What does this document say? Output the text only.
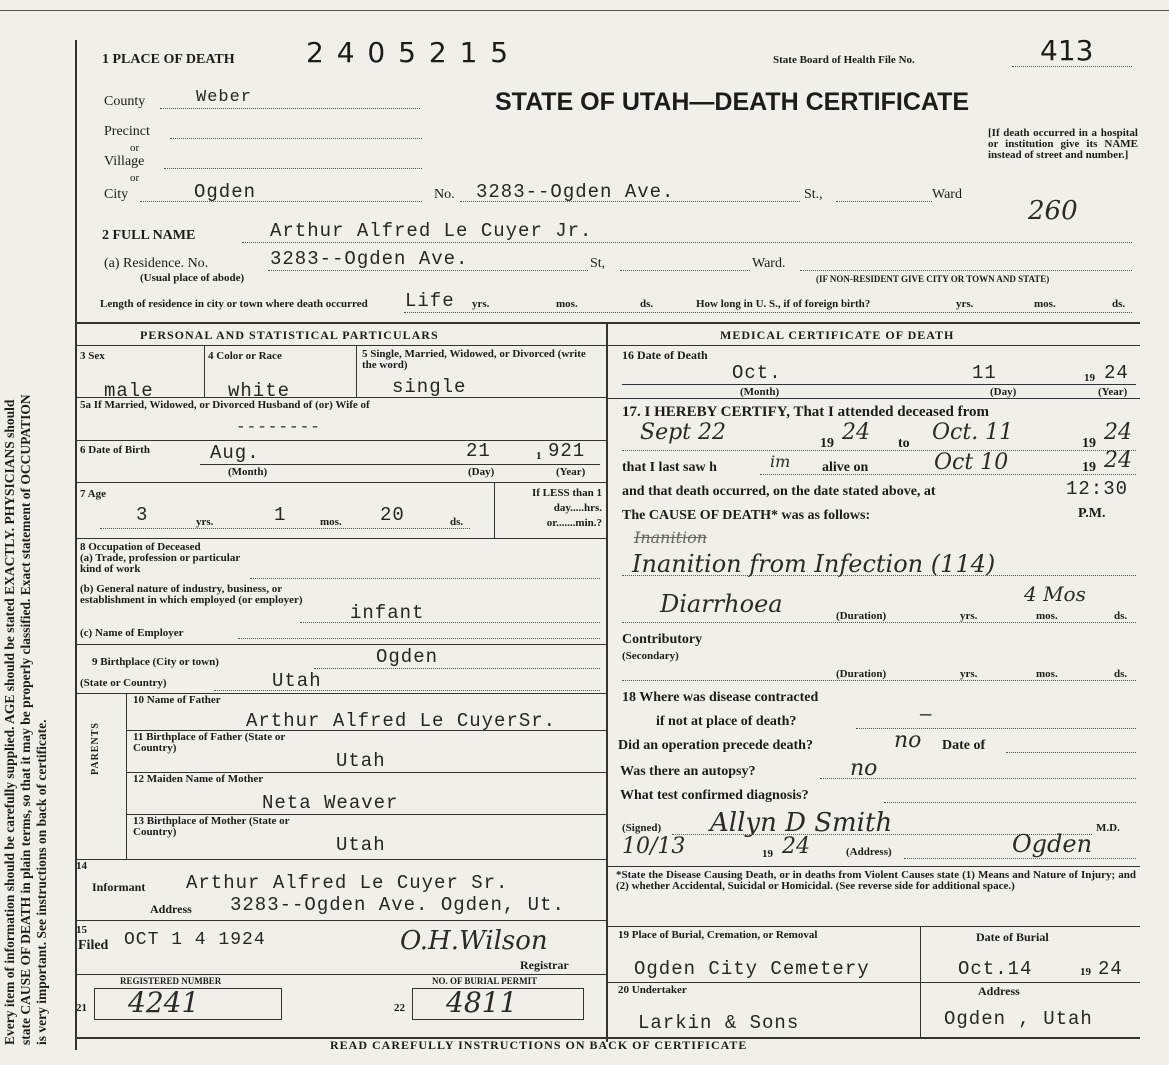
Every item of information should be carefully supplied. AGE should be stated EXACTLY. PHYSICIANS should state CAUSE OF DEATH in plain terms, so that it may be properly classified. Exact statement of OCCUPATION is very important. See instructions on back of certificate.
1 PLACE OF DEATH	2 4 0 5 2 1 5	State Board of Health File No.	413
STATE OF UTAH—DEATH CERTIFICATE
[If death occurred in a hospital or institution give its NAME instead of street and number.]
260
County	Weber
Precinct
or
Village
or
City	Ogden	No. 3283--Ogden Ave.	St.,	Ward
2 FULL NAME	Arthur Alfred Le Cuyer Jr.
(a) Residence. No.
(Usual place of abode)
3283--Ogden Ave.	St,	Ward.
(IF NON-RESIDENT GIVE CITY OR TOWN AND STATE)
Length of residence in city or town where death occurred Life yrs.	mos.	ds.	How long in U. S., if of foreign birth?	yrs.	mos.	ds.
PERSONAL AND STATISTICAL PARTICULARS
3 Sex
male
4 Color or Race
white
5 Single, Married, Widowed, or Divorced (write the word)
single
5a If Married, Widowed, or Divorced Husband of (or) Wife of
--------
6 Date of Birth	Aug.	21	1 921
(Month)	(Day)	(Year)
7 Age
3	yrs.	1	mos. 20	ds.
If LESS than 1 day.....hrs. or.......min.?
8 Occupation of Deceased
(a) Trade, profession or particular kind of work
(b) General nature of industry, business, or establishment in which employed (or employer)
infant
(c) Name of Employer
9 Birthplace (City or town)	Ogden
(State or Country)	Utah
PARENTS
10 Name of Father
Arthur Alfred Le CuyerSr.
11 Birthplace of Father (State or Country)
Utah
12 Maiden Name of Mother
Neta Weaver
13 Birthplace of Mother (State or Country)
Utah
14
Informant Arthur Alfred Le Cuyer Sr.
Address 3283--Ogden Ave. Ogden, Ut.
15
Filed OCT 1 4 1924	O.H.Wilson
Registrar
REGISTERED NUMBER
21 4241
NO. OF BURIAL PERMIT
22 4811
MEDICAL CERTIFICATE OF DEATH
16 Date of Death
Oct.	11	19 24
(Month)	(Day)	(Year)
17. I HEREBY CERTIFY, That I attended deceased from
Sept 22	19 24 to Oct. 11	19 24
that I last saw h	im alive on	Oct 10	19 24
and that death occurred, on the date stated above, at	12:30
The CAUSE OF DEATH* was as follows:	P.M.
Inanition
Inanition from Infection (114)
Diarrhoea	4 Mos
(Duration)	yrs.	mos.	ds.
Contributory
(Secondary)
(Duration)	yrs.	mos.	ds.
18 Where was disease contracted
if not at place of death?	—
Did an operation precede death?	no Date of
Was there an autopsy?	no
What test confirmed diagnosis?
(Signed) Allyn D Smith	M.D.
10/13	19 24	(Address)	Ogden
*State the Disease Causing Death, or in deaths from Violent Causes state (1) Means and Nature of Injury; and (2) whether Accidental, Suicidal or Homicidal. (See reverse side for additional space.)
19 Place of Burial, Cremation, or Removal
Ogden City Cemetery
Date of Burial
Oct.14	19 24
20 Undertaker
Larkin & Sons
Address
Ogden , Utah
READ CAREFULLY INSTRUCTIONS ON BACK OF CERTIFICATE
